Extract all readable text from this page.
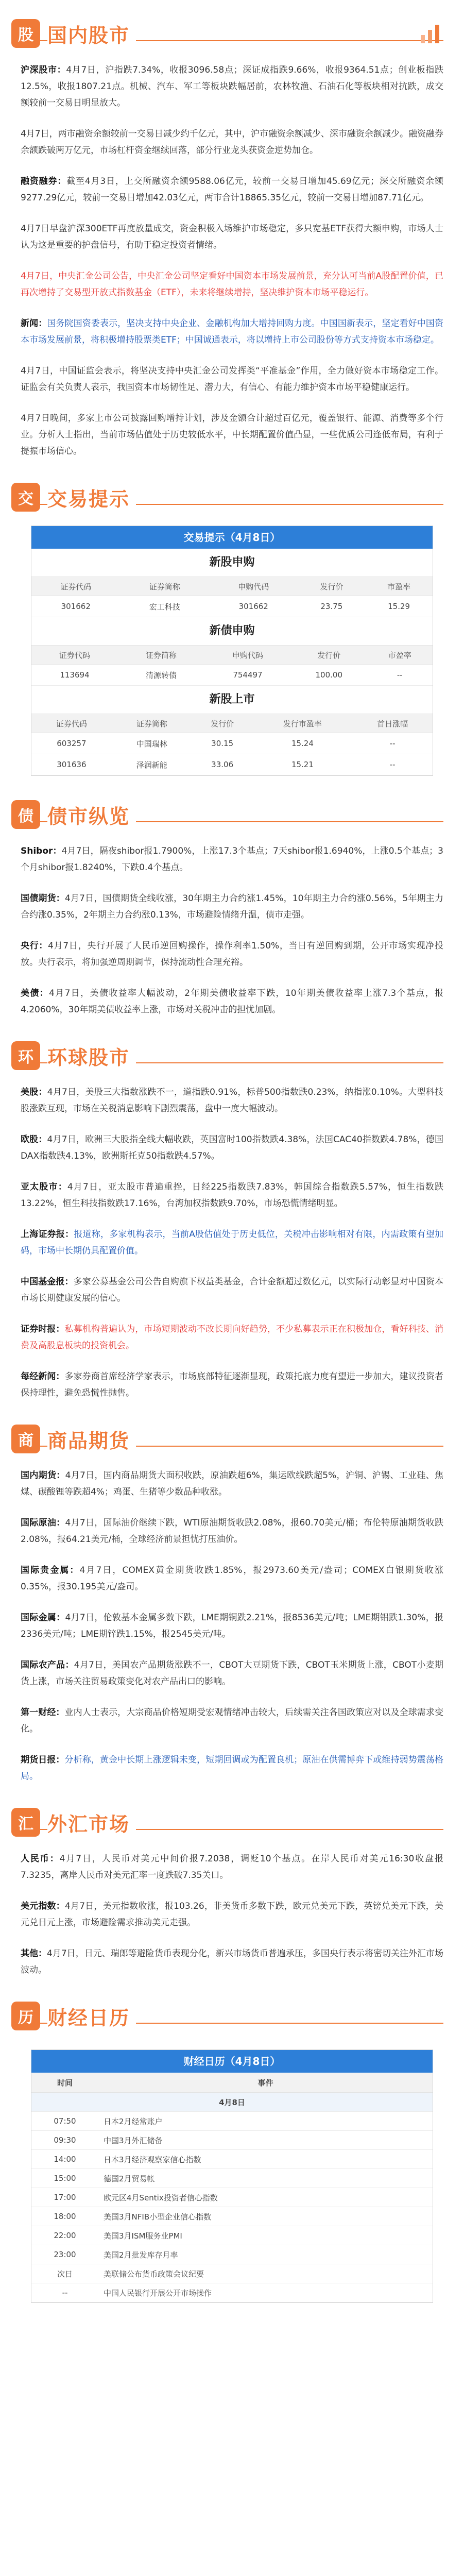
股 国内股市

沪深股市：4月7日，沪指跌7.34%，收报3096.58点；深证成指跌9.66%，收报9364.51点；创业板指跌12.5%，收报1807.21点。机械、汽车、军工等板块跌幅居前，农林牧渔、石油石化等板块相对抗跌，成交额较前一交易日明显放大。

4月7日，两市融资余额较前一交易日减少约千亿元，其中，沪市融资余额减少、深市融资余额减少。融资融券余额跌破两万亿元，市场杠杆资金继续回落，部分行业龙头获资金逆势加仓。

融资融券：截至4月3日，上交所融资余额9588.06亿元，较前一交易日增加45.69亿元；深交所融资余额9277.29亿元，较前一交易日增加42.03亿元，两市合计18865.35亿元，较前一交易日增加87.71亿元。

4月7日早盘沪深300ETF再度放量成交，资金积极入场维护市场稳定，多只宽基ETF获得大额申购，市场人士认为这是重要的护盘信号，有助于稳定投资者情绪。

4月7日，中央汇金公司公告，中央汇金公司坚定看好中国资本市场发展前景，充分认可当前A股配置价值，已再次增持了交易型开放式指数基金（ETF），未来将继续增持，坚决维护资本市场平稳运行。

新闻：国务院国资委表示，坚决支持中央企业、金融机构加大增持回购力度。中国国新表示，坚定看好中国资本市场发展前景，将积极增持股票类ETF；中国诚通表示，将以增持上市公司股份等方式支持资本市场稳定。

4月7日，中国证监会表示，将坚决支持中央汇金公司发挥类“平准基金”作用，全力做好资本市场稳定工作。证监会有关负责人表示，我国资本市场韧性足、潜力大，有信心、有能力维护资本市场平稳健康运行。

4月7日晚间，多家上市公司披露回购增持计划，涉及金额合计超过百亿元，覆盖银行、能源、消费等多个行业。分析人士指出，当前市场估值处于历史较低水平，中长期配置价值凸显，一些优质公司逢低布局，有利于提振市场信心。

交 交易提示
交易提示（4月8日）
新股申购
证券代码	证券简称	申购代码	发行价	市盈率
301662	宏工科技	301662	23.75	15.29
新债申购
证券代码	证券简称	申购代码	发行价	市盈率
113694	清源转债	754497	100.00	--
新股上市
证券代码	证券简称	发行价	发行市盈率	首日涨幅
603257	中国瑞林	30.15	15.24	--
301636	泽润新能	33.06	15.21	--
债 债市纵览

Shibor：4月7日，隔夜shibor报1.7900%，上涨17.3个基点；7天shibor报1.6940%，上涨0.5个基点；3个月shibor报1.8240%，下跌0.4个基点。

国债期货：4月7日，国债期货全线收涨，30年期主力合约涨1.45%，10年期主力合约涨0.56%，5年期主力合约涨0.35%，2年期主力合约涨0.13%，市场避险情绪升温，债市走强。

央行：4月7日，央行开展了人民币逆回购操作，操作利率1.50%，当日有逆回购到期，公开市场实现净投放。央行表示，将加强逆周期调节，保持流动性合理充裕。

美债：4月7日，美债收益率大幅波动，2年期美债收益率下跌，10年期美债收益率上涨7.3个基点，报4.2060%，30年期美债收益率上涨，市场对关税冲击的担忧加剧。

环 环球股市

美股：4月7日，美股三大指数涨跌不一，道指跌0.91%，标普500指数跌0.23%，纳指涨0.10%。大型科技股涨跌互现，市场在关税消息影响下剧烈震荡，盘中一度大幅波动。

欧股：4月7日，欧洲三大股指全线大幅收跌，英国富时100指数跌4.38%，法国CAC40指数跌4.78%，德国DAX指数跌4.13%，欧洲斯托克50指数跌4.57%。

亚太股市：4月7日，亚太股市普遍重挫，日经225指数跌7.83%，韩国综合指数跌5.57%，恒生指数跌13.22%，恒生科技指数跌17.16%，台湾加权指数跌9.70%，市场恐慌情绪明显。

上海证券报：报道称，多家机构表示，当前A股估值处于历史低位，关税冲击影响相对有限，内需政策有望加码，市场中长期仍具配置价值。

中国基金报：多家公募基金公司公告自购旗下权益类基金，合计金额超过数亿元，以实际行动彰显对中国资本市场长期健康发展的信心。

证券时报：私募机构普遍认为，市场短期波动不改长期向好趋势，不少私募表示正在积极加仓，看好科技、消费及高股息板块的投资机会。

每经新闻：多家券商首席经济学家表示，市场底部特征逐渐显现，政策托底力度有望进一步加大，建议投资者保持理性，避免恐慌性抛售。

商 商品期货

国内期货：4月7日，国内商品期货大面积收跌，原油跌超6%，集运欧线跌超5%，沪铜、沪锡、工业硅、焦煤、碳酸锂等跌超4%；鸡蛋、生猪等少数品种收涨。

国际原油：4月7日，国际油价继续下跌，WTI原油期货收跌2.08%，报60.70美元/桶；布伦特原油期货收跌2.08%，报64.21美元/桶，全球经济前景担忧打压油价。

国际贵金属：4月7日，COMEX黄金期货收跌1.85%，报2973.60美元/盎司；COMEX白银期货收涨0.35%，报30.195美元/盎司。

国际金属：4月7日，伦敦基本金属多数下跌，LME期铜跌2.21%，报8536美元/吨；LME期铝跌1.30%，报2336美元/吨；LME期锌跌1.15%，报2545美元/吨。

国际农产品：4月7日，美国农产品期货涨跌不一，CBOT大豆期货下跌，CBOT玉米期货上涨，CBOT小麦期货上涨，市场关注贸易政策变化对农产品出口的影响。

第一财经：业内人士表示，大宗商品价格短期受宏观情绪冲击较大，后续需关注各国政策应对以及全球需求变化。

期货日报：分析称，黄金中长期上涨逻辑未变，短期回调或为配置良机；原油在供需博弈下或维持弱势震荡格局。

汇 外汇市场

人民币：4月7日，人民币对美元中间价报7.2038，调贬10个基点。在岸人民币对美元16:30收盘报7.3235，离岸人民币对美元汇率一度跌破7.35关口。

美元指数：4月7日，美元指数收涨，报103.26，非美货币多数下跌，欧元兑美元下跌，英镑兑美元下跌，美元兑日元上涨，市场避险需求推动美元走强。

其他：4月7日，日元、瑞郎等避险货币表现分化，新兴市场货币普遍承压，多国央行表示将密切关注外汇市场波动。

历 财经日历
财经日历（4月8日）
时间	事件
4月8日	
07:50	日本2月经常账户
09:30	中国3月外汇储备
14:00	日本3月经济观察家信心指数
15:00	德国2月贸易帐
17:00	欧元区4月Sentix投资者信心指数
18:00	美国3月NFIB小型企业信心指数
22:00	美国3月ISM服务业PMI
23:00	美国2月批发库存月率
次日	美联储公布货币政策会议纪要
--	中国人民银行开展公开市场操作
